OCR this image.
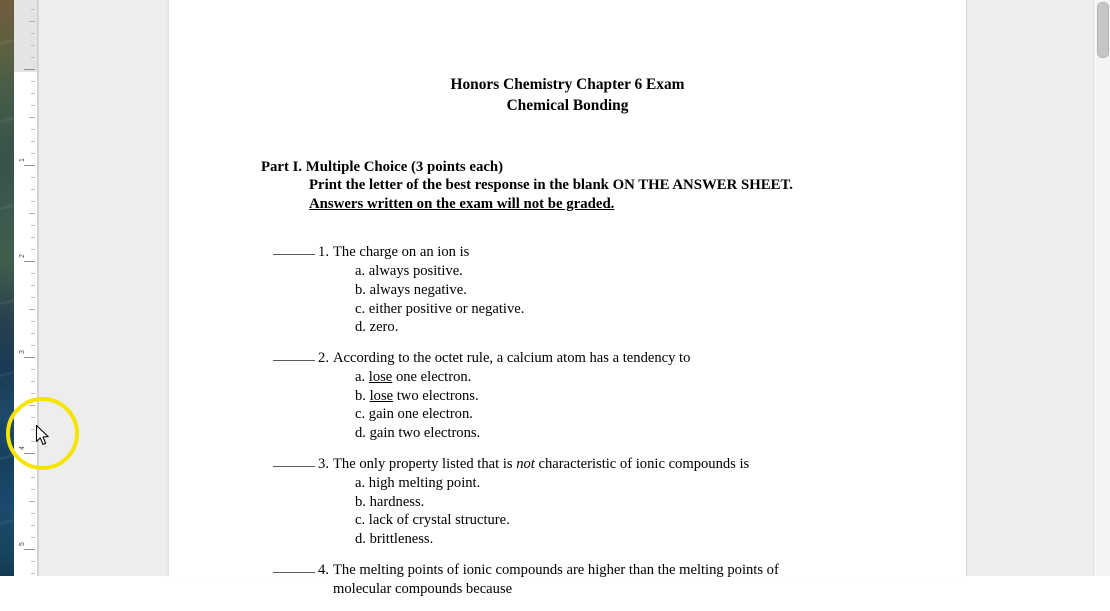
1
2
3
4
5
Honors Chemistry Chapter 6 Exam
Chemical Bonding
Part I. Multiple Choice (3 points each)
Print the letter of the best response in the blank ON THE ANSWER SHEET.
Answers written on the exam will not be graded.
1. The charge on an ion is
a. always positive.
b. always negative.
c. either positive or negative.
d. zero.
2. According to the octet rule, a calcium atom has a tendency to
a. lose one electron.
b. lose two electrons.
c. gain one electron.
d. gain two electrons.
3. The only property listed that is not characteristic of ionic compounds is
a. high melting point.
b. hardness.
c. lack of crystal structure.
d. brittleness.
4. The melting points of ionic compounds are higher than the melting points of
molecular compounds because
